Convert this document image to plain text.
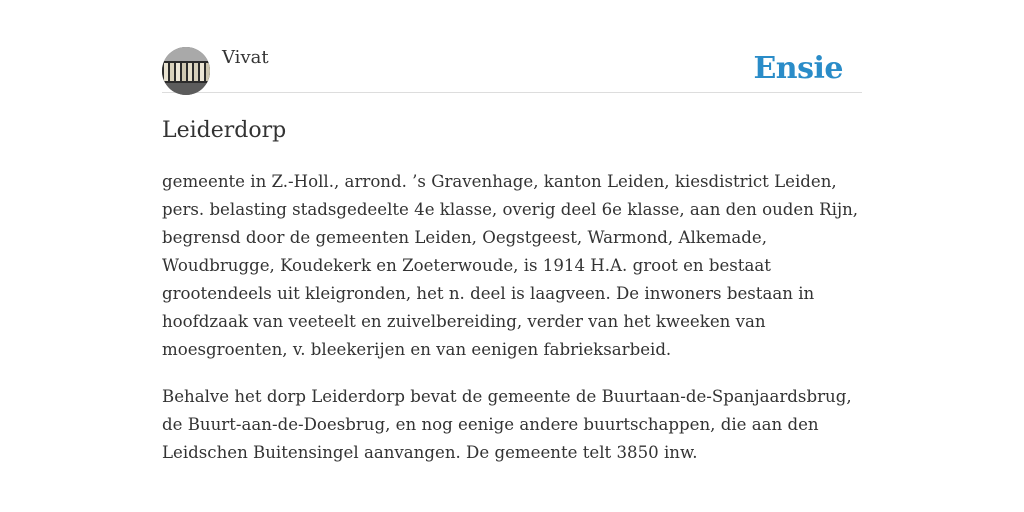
Vivat	Ensie
Leiderdorp

gemeente in Z.-Holl., arrond. ’s Gravenhage, kanton Leiden, kiesdistrict Leiden, pers. belasting stadsgedeelte 4e klasse, overig deel 6e klasse, aan den ouden Rijn, begrensd door de gemeenten Leiden, Oegstgeest, Warmond, Alkemade, Woudbrugge, Koudekerk en Zoeterwoude, is 1914 H.A. groot en bestaat grootendeels uit kleigronden, het n. deel is laagveen. De inwoners bestaan in hoofdzaak van veeteelt en zuivelbereiding, verder van het kweeken van moesgroenten, v. bleekerijen en van eenigen fabrieksarbeid.

Behalve het dorp Leiderdorp bevat de gemeente de Buurtaan-de-Spanjaardsbrug, de Buurt-aan-de-Doesbrug, en nog eenige andere buurtschappen, die aan den Leidschen Buitensingel aanvangen. De gemeente telt 3850 inw.
